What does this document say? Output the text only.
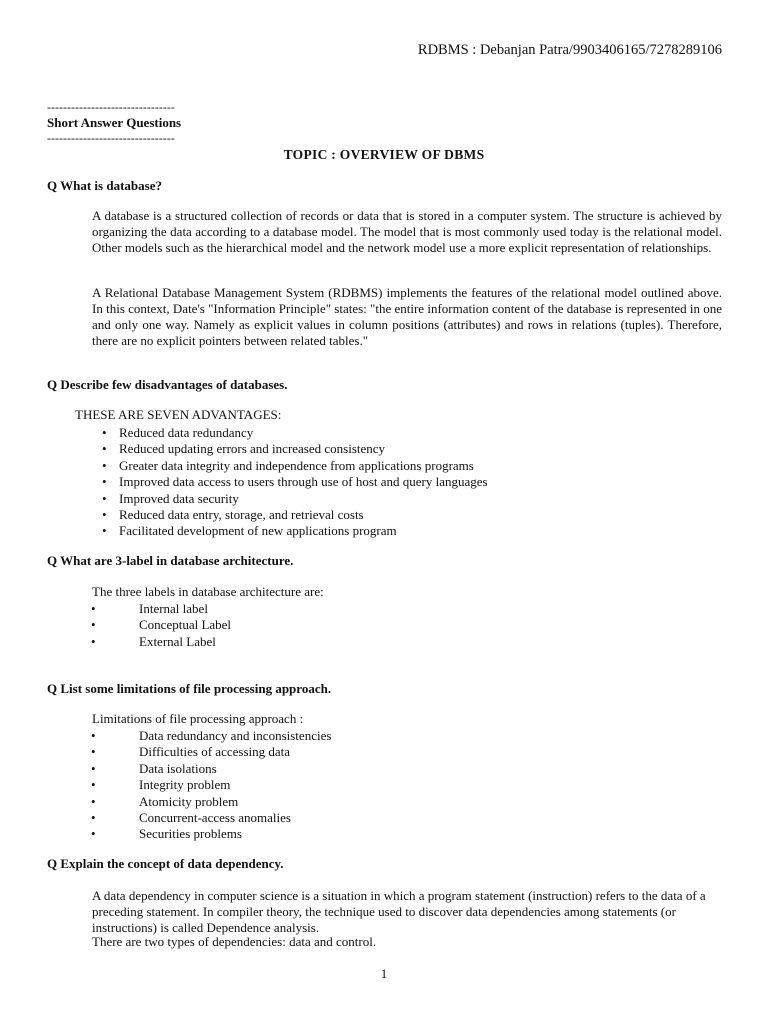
RDBMS : Debanjan Patra/9903406165/7278289106
--------------------------------
Short Answer Questions
--------------------------------
TOPIC : OVERVIEW OF DBMS
Q What is database?
A database is a structured collection of records or data that is stored in a computer system. The structure is achieved by organizing the data according to a database model. The model that is most commonly used today is the relational model. Other models such as the hierarchical model and the network model use a more explicit representation of relationships.
A Relational Database Management System (RDBMS) implements the features of the relational model outlined above. In this context, Date's "Information Principle" states: "the entire information content of the database is represented in one and only one way. Namely as explicit values in column positions (attributes) and rows in relations (tuples). Therefore, there are no explicit pointers between related tables."
Q Describe few disadvantages of databases.
THESE ARE SEVEN ADVANTAGES:
• Reduced data redundancy
• Reduced updating errors and increased consistency
• Greater data integrity and independence from applications programs
• Improved data access to users through use of host and query languages
• Improved data security
• Reduced data entry, storage, and retrieval costs
• Facilitated development of new applications program
Q What are 3-label in database architecture.
The three labels in database architecture are:
• Internal label
• Conceptual Label
• External Label
Q List some limitations of file processing approach.
Limitations of file processing approach :
• Data redundancy and inconsistencies
• Difficulties of accessing data
• Data isolations
• Integrity problem
• Atomicity problem
• Concurrent-access anomalies
• Securities problems
Q Explain the concept of data dependency.
A data dependency in computer science is a situation in which a program statement (instruction) refers to the data of a preceding statement. In compiler theory, the technique used to discover data dependencies among statements (or instructions) is called Dependence analysis.
There are two types of dependencies: data and control.
1
